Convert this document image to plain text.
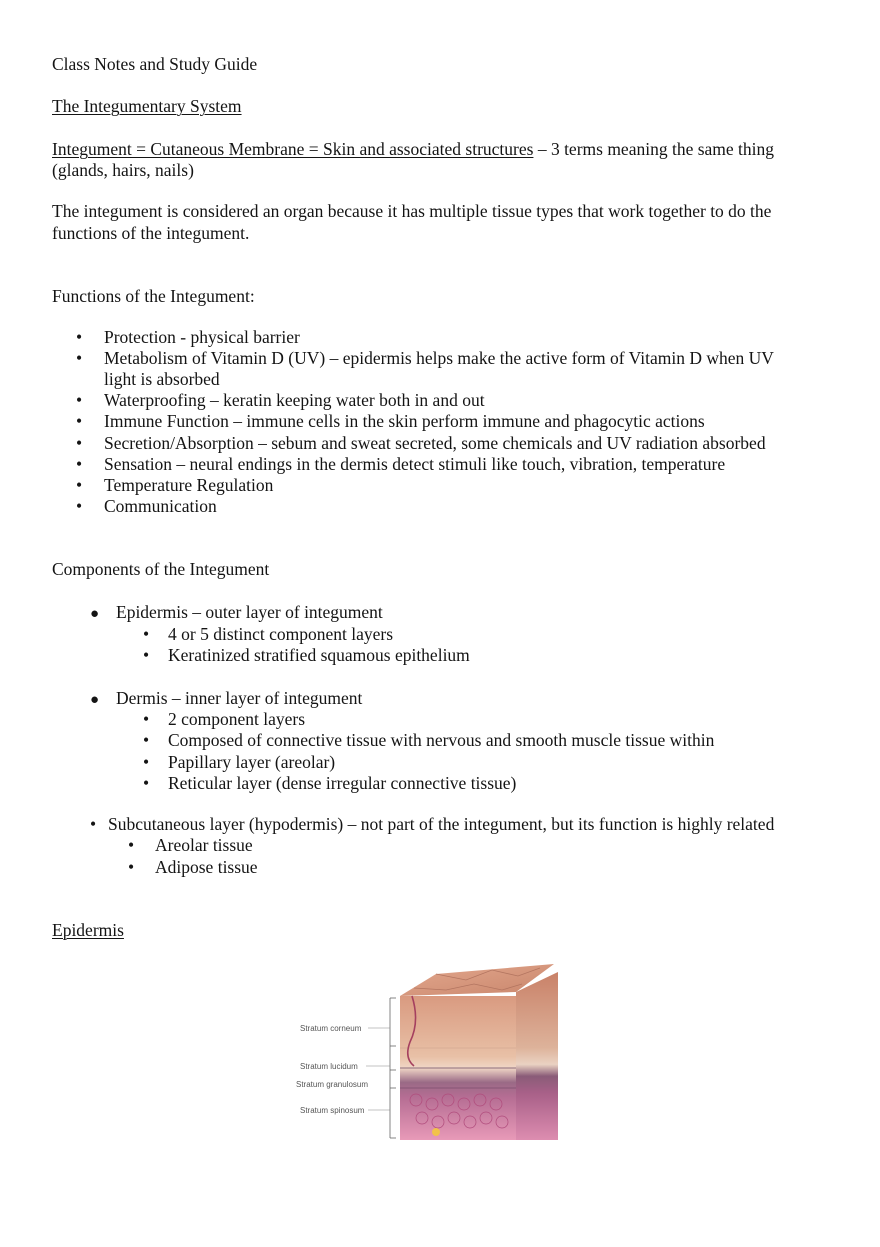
Class Notes and Study Guide
The Integumentary System
Integument = Cutaneous Membrane = Skin and associated structures – 3 terms meaning the same thing
(glands, hairs, nails)
The integument is considered an organ because it has multiple tissue types that work together to do the
functions of the integument.
Functions of the Integument:
• Protection - physical barrier
• Metabolism of Vitamin D (UV) – epidermis helps make the active form of Vitamin D when UV
light is absorbed
• Waterproofing – keratin keeping water both in and out
• Immune Function – immune cells in the skin perform immune and phagocytic actions
• Secretion/Absorption – sebum and sweat secreted, some chemicals and UV radiation absorbed
• Sensation – neural endings in the dermis detect stimuli like touch, vibration, temperature
• Temperature Regulation
• Communication
Components of the Integument
● Epidermis – outer layer of integument
• 4 or 5 distinct component layers
• Keratinized stratified squamous epithelium
● Dermis – inner layer of integument
• 2 component layers
• Composed of connective tissue with nervous and smooth muscle tissue within
• Papillary layer (areolar)
• Reticular layer (dense irregular connective tissue)
• Subcutaneous layer (hypodermis) – not part of the integument, but its function is highly related
• Areolar tissue
• Adipose tissue
Epidermis
Stratum corneum
Stratum lucidum
Stratum granulosum
Stratum spinosum
